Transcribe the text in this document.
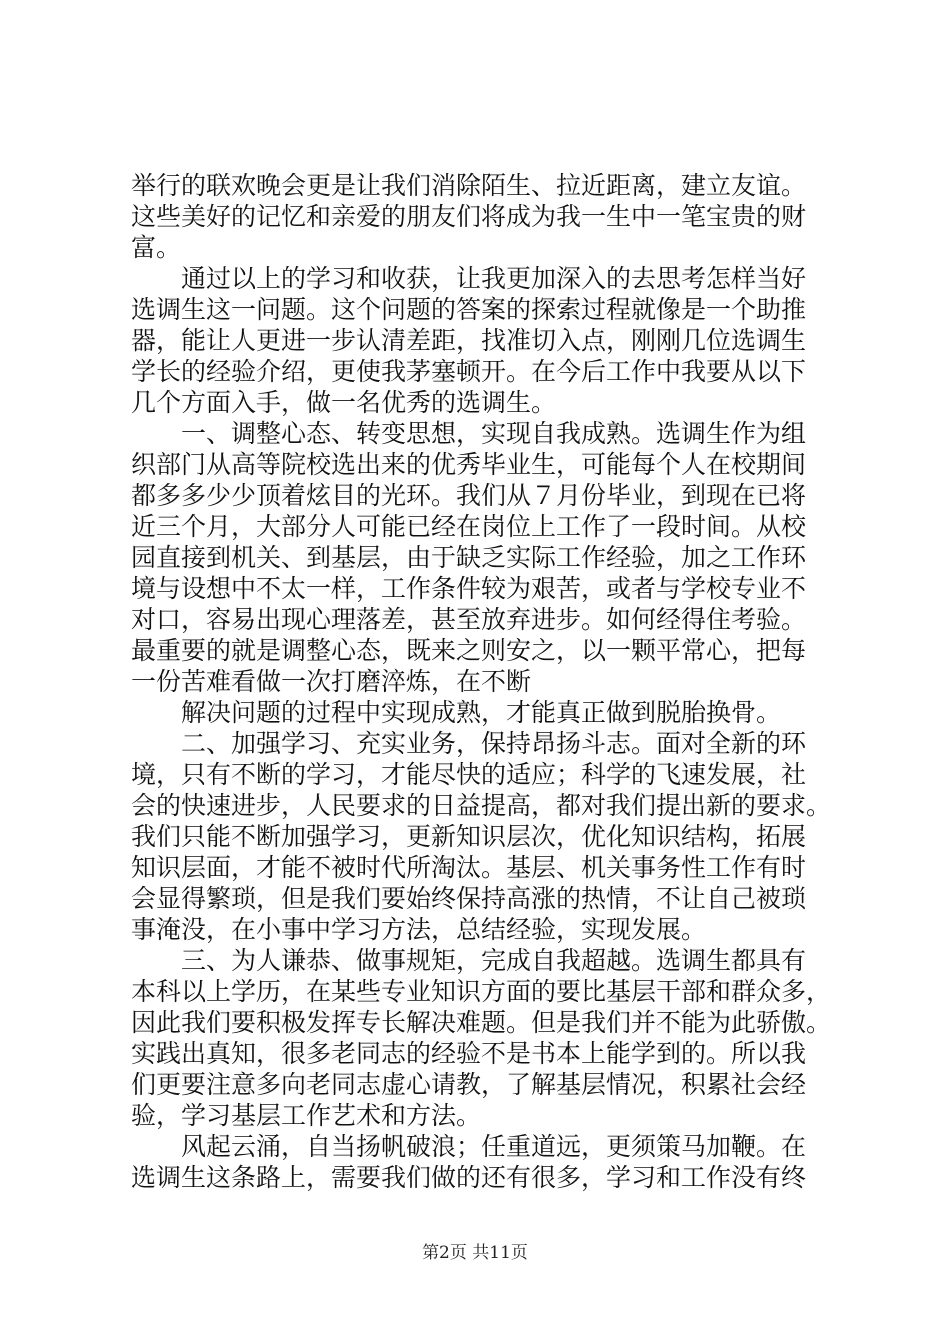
举行的联欢晚会更是让我们消除陌生、拉近距离，建立友谊。
这些美好的记忆和亲爱的朋友们将成为我一生中一笔宝贵的财
富。
　　通过以上的学习和收获，让我更加深入的去思考怎样当好
选调生这一问题。这个问题的答案的探索过程就像是一个助推
器，能让人更进一步认清差距，找准切入点，刚刚几位选调生
学长的经验介绍，更使我茅塞顿开。在今后工作中我要从以下
几个方面入手，做一名优秀的选调生。
　　一、调整心态、转变思想，实现自我成熟。选调生作为组
织部门从高等院校选出来的优秀毕业生，可能每个人在校期间
都多多少少顶着炫目的光环。我们从７月份毕业，到现在已将
近三个月，大部分人可能已经在岗位上工作了一段时间。从校
园直接到机关、到基层，由于缺乏实际工作经验，加之工作环
境与设想中不太一样，工作条件较为艰苦，或者与学校专业不
对口，容易出现心理落差，甚至放弃进步。如何经得住考验。
最重要的就是调整心态，既来之则安之，以一颗平常心，把每
一份苦难看做一次打磨淬炼，在不断
　　解决问题的过程中实现成熟，才能真正做到脱胎换骨。
　　二、加强学习、充实业务，保持昂扬斗志。面对全新的环
境，只有不断的学习，才能尽快的适应；科学的飞速发展，社
会的快速进步，人民要求的日益提高，都对我们提出新的要求。
我们只能不断加强学习，更新知识层次，优化知识结构，拓展
知识层面，才能不被时代所淘汰。基层、机关事务性工作有时
会显得繁琐，但是我们要始终保持高涨的热情，不让自己被琐
事淹没，在小事中学习方法，总结经验，实现发展。
　　三、为人谦恭、做事规矩，完成自我超越。选调生都具有
本科以上学历，在某些专业知识方面的要比基层干部和群众多，
因此我们要积极发挥专长解决难题。但是我们并不能为此骄傲。
实践出真知，很多老同志的经验不是书本上能学到的。所以我
们更要注意多向老同志虚心请教，了解基层情况，积累社会经
验，学习基层工作艺术和方法。
　　风起云涌，自当扬帆破浪；任重道远，更须策马加鞭。在
选调生这条路上，需要我们做的还有很多，学习和工作没有终
第2页 共11页
